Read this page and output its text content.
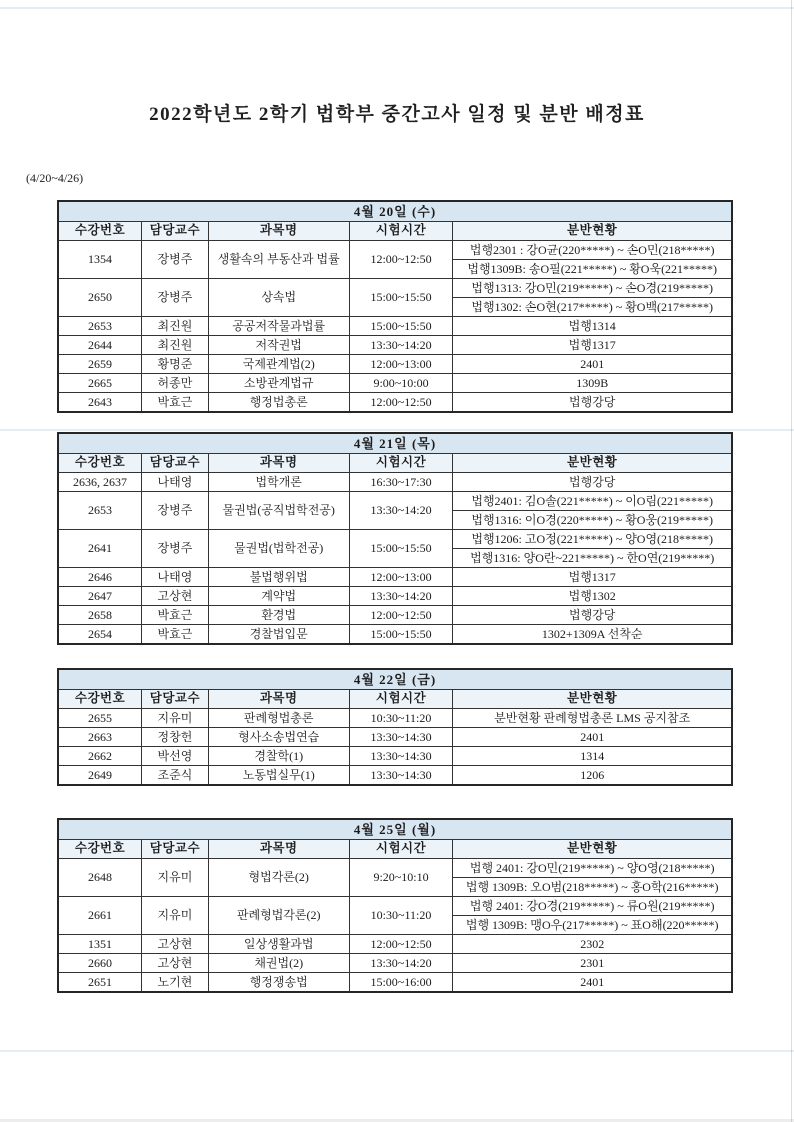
2022학년도 2학기 법학부 중간고사 일정 및 분반 배정표
(4/20~4/26)
4월 20일 (수)				
수강번호	담당교수	과목명	시험시간	분반현황
1354	장병주	생활속의 부동산과 법률	12:00~12:50	법행2301 : 강O균(220*****) ~ 손O민(218*****)
				법행1309B: 송O필(221*****) ~ 황O욱(221*****)
2650	장병주	상속법	15:00~15:50	법행1313: 강O민(219*****) ~ 손O경(219*****)
				법행1302: 손O현(217*****) ~ 황O백(217*****)
2653	최진원	공공저작물과법률	15:00~15:50	법행1314
2644	최진원	저작권법	13:30~14:20	법행1317
2659	황명준	국제관계법(2)	12:00~13:00	2401
2665	허종만	소방관계법규	9:00~10:00	1309B
2643	박효근	행정법총론	12:00~12:50	법행강당
4월 21일 (목)				
수강번호	담당교수	과목명	시험시간	분반현황
2636, 2637	나태영	법학개론	16:30~17:30	법행강당
2653	장병주	물권법(공직법학전공)	13:30~14:20	법행2401: 김O솔(221*****) ~ 이O림(221*****)
				법행1316: 이O경(220*****) ~ 황O웅(219*****)
2641	장병주	물권법(법학전공)	15:00~15:50	법행1206: 고O정(221*****) ~ 양O영(218*****)
				법행1316: 양O란~221*****) ~ 한O연(219*****)
2646	나태영	불법행위법	12:00~13:00	법행1317
2647	고상현	계약법	13:30~14:20	법행1302
2658	박효근	환경법	12:00~12:50	법행강당
2654	박효근	경찰법입문	15:00~15:50	1302+1309A 선착순
4월 22일 (금)				
수강번호	담당교수	과목명	시험시간	분반현황
2655	지유미	판례형법총론	10:30~11:20	분반현황 판례형법총론 LMS 공지참조
2663	정창헌	형사소송법연습	13:30~14:30	2401
2662	박선영	경찰학(1)	13:30~14:30	1314
2649	조준식	노동법실무(1)	13:30~14:30	1206
4월 25일 (월)				
수강번호	담당교수	과목명	시험시간	분반현황
2648	지유미	형법각론(2)	9:20~10:10	법행 2401: 강O민(219*****) ~ 양O영(218*****)
				법행 1309B: 오O범(218*****) ~ 홍O학(216*****)
2661	지유미	판례형법각론(2)	10:30~11:20	법행 2401: 강O경(219*****) ~ 류O원(219*****)
				법행 1309B: 맹O우(217*****) ~ 표O해(220*****)
1351	고상현	일상생활과법	12:00~12:50	2302
2660	고상현	채권법(2)	13:30~14:20	2301
2651	노기현	행정쟁송법	15:00~16:00	2401
